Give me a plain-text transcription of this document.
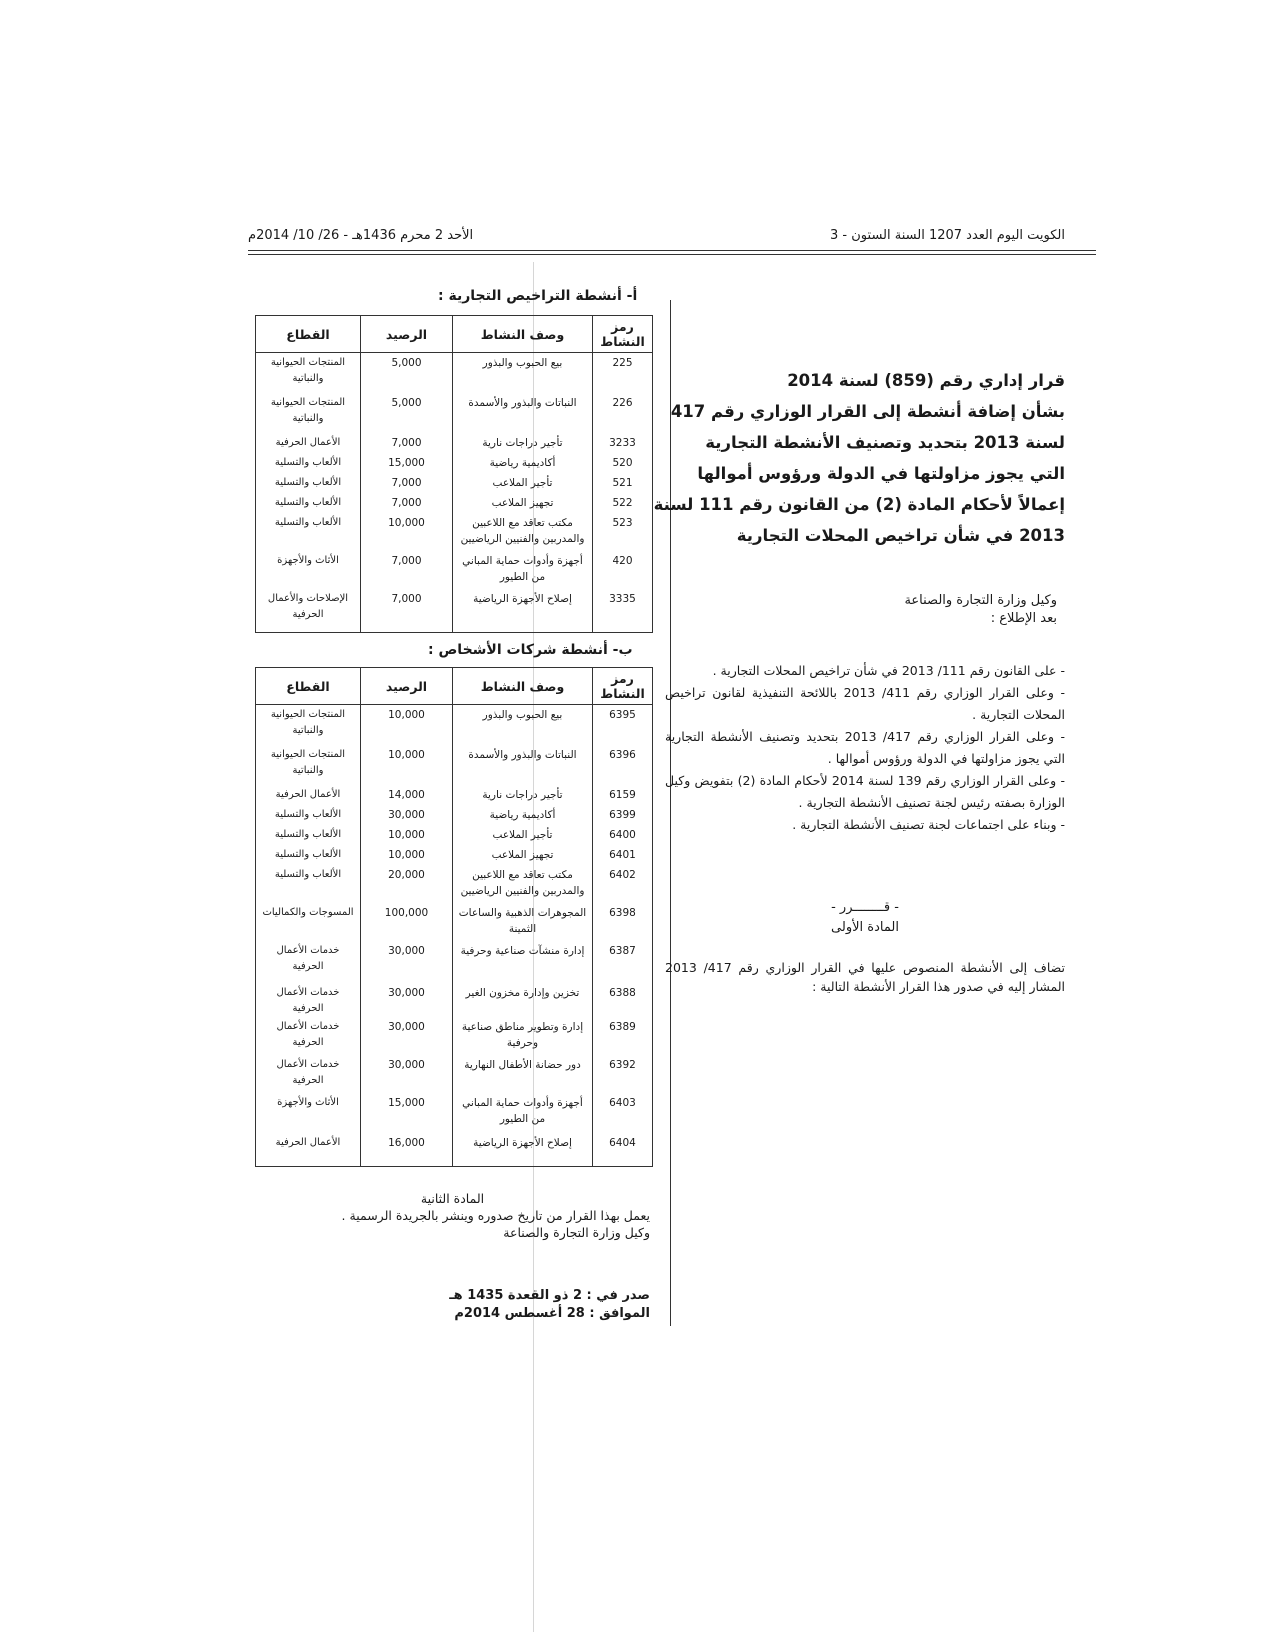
الكويت اليوم العدد 1207 السنة الستون - 3
الأحد 2 محرم 1436هـ - 26/ 10/ 2014م
قرار إداري رقم (859) لسنة 2014
بشأن إضافة أنشطة إلى القرار الوزاري رقم 417
لسنة 2013 بتحديد وتصنيف الأنشطة التجارية
التي يجوز مزاولتها في الدولة ورؤوس أموالها
إعمالاً لأحكام المادة (2) من القانون رقم 111 لسنة
2013 في شأن تراخيص المحلات التجارية
وكيل وزارة التجارة والصناعة
بعد الإطلاع :

- على القانون رقم 111/ 2013 في شأن تراخيص المحلات التجارية .

- وعلى القرار الوزاري رقم 411/ 2013 باللائحة التنفيذية لقانون تراخيص المحلات التجارية .

- وعلى القرار الوزاري رقم 417/ 2013 بتحديد وتصنيف الأنشطة التجارية التي يجوز مزاولتها في الدولة ورؤوس أموالها .

- وعلى القرار الوزاري رقم 139 لسنة 2014 لأحكام المادة (2) بتفويض وكيل الوزارة بصفته رئيس لجنة تصنيف الأنشطة التجارية .

- وبناء على اجتماعات لجنة تصنيف الأنشطة التجارية .

- قــــــــرر -
المادة الأولى
تضاف إلى الأنشطة المنصوص عليها في القرار الوزاري رقم 417/ 2013 المشار إليه في صدور هذا القرار الأنشطة التالية :
أ- أنشطة التراخيص التجارية :
رمز النشاط	وصف النشاط	الرصيد	القطاع
225	بيع الحبوب والبذور	5,000	المنتجات الحيوانية والنباتية
226	النباتات والبذور والأسمدة	5,000	المنتجات الحيوانية والنباتية
3233	تأجير دراجات نارية	7,000	الأعمال الحرفية
520	أكاديمية رياضية	15,000	الألعاب والتسلية
521	تأجير الملاعب	7,000	الألعاب والتسلية
522	تجهيز الملاعب	7,000	الألعاب والتسلية
523	مكتب تعاقد مع اللاعبين والمدربين والفنيين الرياضيين	10,000	الألعاب والتسلية
420	أجهزة وأدوات حماية المباني من الطيور	7,000	الأثاث والأجهزة
3335	إصلاح الأجهزة الرياضية	7,000	الإصلاحات والأعمال الحرفية
ب- أنشطة شركات الأشخاص :
رمز النشاط	وصف النشاط	الرصيد	القطاع
6395	بيع الحبوب والبذور	10,000	المنتجات الحيوانية والنباتية
6396	النباتات والبذور والأسمدة	10,000	المنتجات الحيوانية والنباتية
6159	تأجير دراجات نارية	14,000	الأعمال الحرفية
6399	أكاديمية رياضية	30,000	الألعاب والتسلية
6400	تأجير الملاعب	10,000	الألعاب والتسلية
6401	تجهيز الملاعب	10,000	الألعاب والتسلية
6402	مكتب تعاقد مع اللاعبين والمدربين والفنيين الرياضيين	20,000	الألعاب والتسلية
6398	المجوهرات الذهبية والساعات الثمينة	100,000	المسوجات والكماليات
6387	إدارة منشآت صناعية وحرفية	30,000	خدمات الأعمال الحرفية
6388	تخزين وإدارة مخزون الغير	30,000	خدمات الأعمال الحرفية
6389	إدارة وتطوير مناطق صناعية وحرفية	30,000	خدمات الأعمال الحرفية
6392	دور حضانة الأطفال النهارية	30,000	خدمات الأعمال الحرفية
6403	أجهزة وأدوات حماية المباني من الطيور	15,000	الأثاث والأجهزة
6404	إصلاح الأجهزة الرياضية	16,000	الأعمال الحرفية
المادة الثانية
يعمل بهذا القرار من تاريخ صدوره وينشر بالجريدة الرسمية .
وكيل وزارة التجارة والصناعة
صدر في : 2 ذو القعدة 1435 هـ
الموافق : 28 أغسطس 2014م
